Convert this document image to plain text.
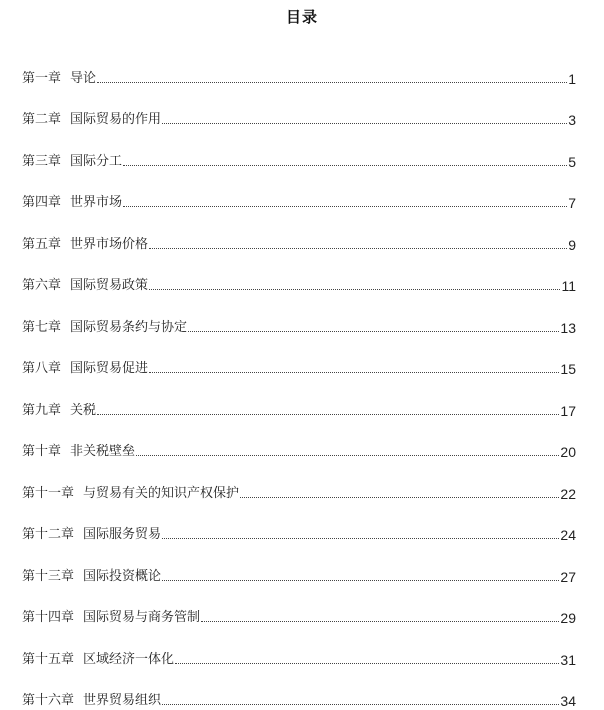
目录
第一章 导论	1
第二章 国际贸易的作用	3
第三章 国际分工	5
第四章 世界市场	7
第五章 世界市场价格	9
第六章 国际贸易政策	11
第七章 国际贸易条约与协定	13
第八章 国际贸易促进	15
第九章 关税	17
第十章 非关税壁垒	20
第十一章 与贸易有关的知识产权保护	22
第十二章 国际服务贸易	24
第十三章 国际投资概论	27
第十四章 国际贸易与商务管制	29
第十五章 区域经济一体化	31
第十六章 世界贸易组织	34
